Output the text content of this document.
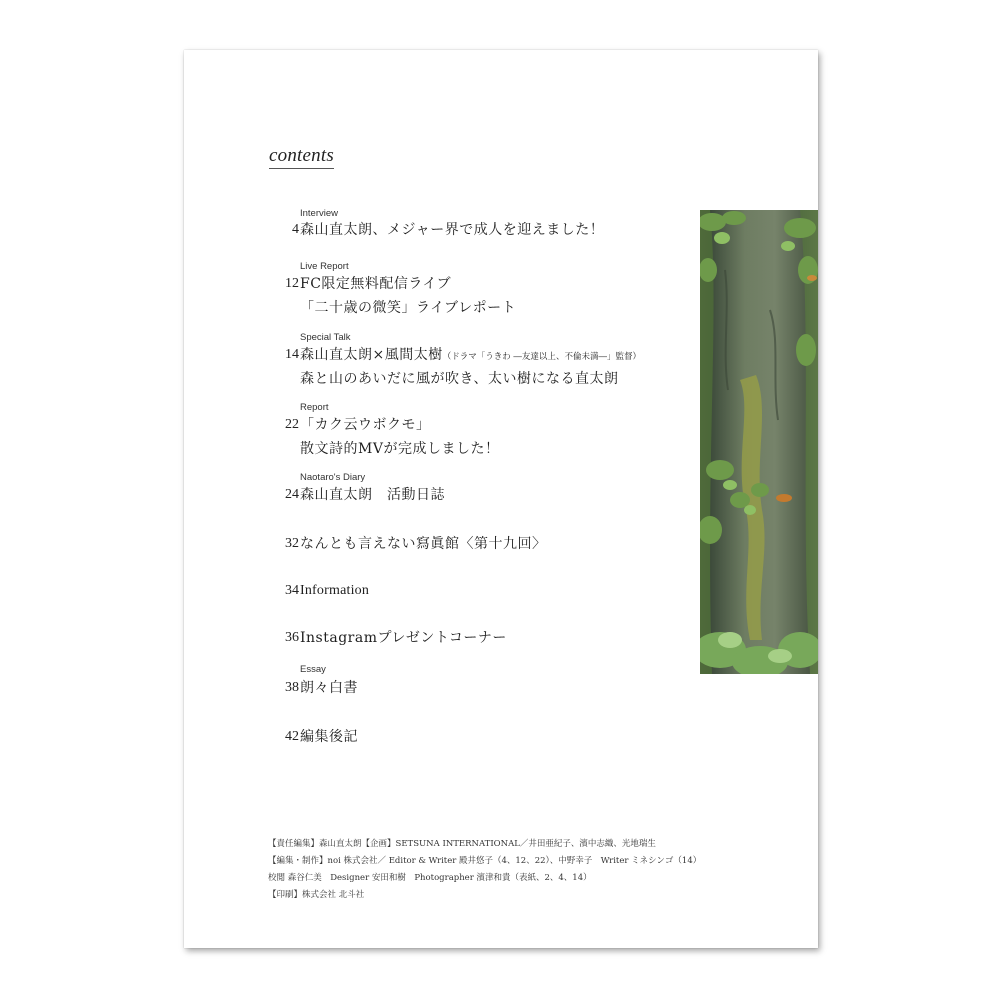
contents
Interview
4 森山直太朗、メジャー界で成人を迎えました！
Live Report
12 FC限定無料配信ライブ
「二十歳の微笑」ライブレポート
Special Talk
14 森山直太朗×風間太樹（ドラマ「うきわ ―友達以上、不倫未満―」監督）
森と山のあいだに風が吹き、太い樹になる直太朗
Report
22 「カク云ウボクモ」
散文詩的MVが完成しました！
Naotaro's Diary
24 森山直太朗　活動日誌
32 なんとも言えない寫眞館〈第十九回〉
34 Information
36 Instagramプレゼントコーナー
Essay
38 朗々白書
42 編集後記
【責任編集】森山直太朗【企画】SETSUNA INTERNATIONAL／井田亜紀子、濱中志織、光地瑞生
【編集・制作】noi 株式会社／ Editor & Writer 殿井悠子（4、12、22）、中野幸子　Writer ミネシンゴ（14）
校閲 森谷仁美　Designer 安田和樹　Photographer 濱津和貴（表紙、2、4、14）
【印刷】株式会社 北斗社
